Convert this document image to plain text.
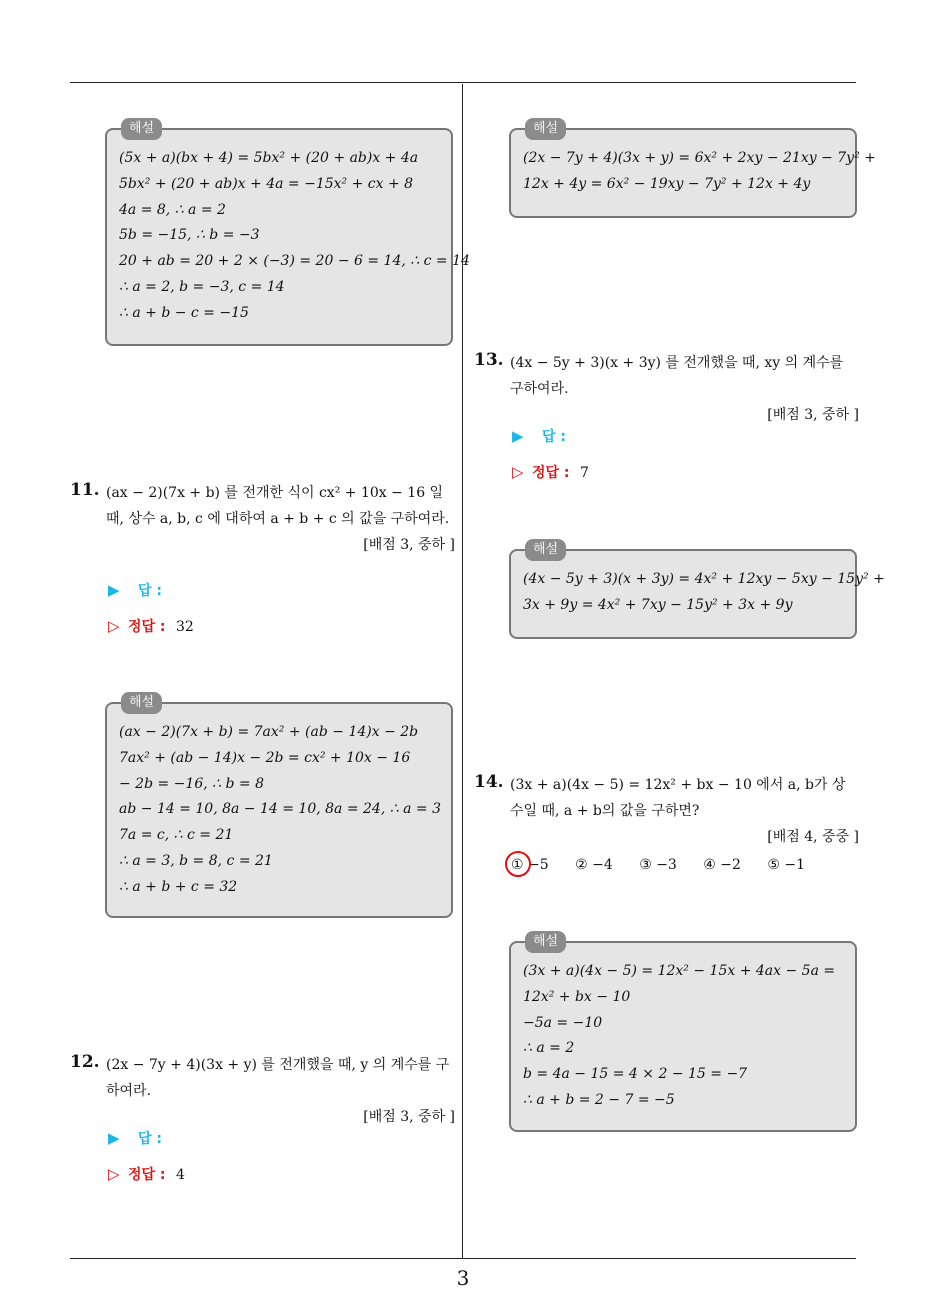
해설
(5x + a)(bx + 4) = 5bx² + (20 + ab)x + 4a
5bx² + (20 + ab)x + 4a = −15x² + cx + 8
4a = 8, ∴ a = 2
5b = −15, ∴ b = −3
20 + ab = 20 + 2 × (−3) = 20 − 6 = 14, ∴ c = 14
∴ a = 2, b = −3, c = 14
∴ a + b − c = −15
11. (ax − 2)(7x + b) 를 전개한 식이 cx² + 10x − 16 일 때, 상수 a, b, c 에 대하여 a + b + c 의 값을 구하여라.
[배점 3, 중하 ]
▶ 답 :
▷ 정답 : 32
해설
(ax − 2)(7x + b) = 7ax² + (ab − 14)x − 2b
7ax² + (ab − 14)x − 2b = cx² + 10x − 16
− 2b = −16, ∴ b = 8
ab − 14 = 10, 8a − 14 = 10, 8a = 24, ∴ a = 3
7a = c, ∴ c = 21
∴ a = 3, b = 8, c = 21
∴ a + b + c = 32
12. (2x − 7y + 4)(3x + y) 를 전개했을 때, y 의 계수를 구하여라.
[배점 3, 중하 ]
▶ 답 :
▷ 정답 : 4
해설
(2x − 7y + 4)(3x + y) = 6x² + 2xy − 21xy − 7y² +
12x + 4y = 6x² − 19xy − 7y² + 12x + 4y
13. (4x − 5y + 3)(x + 3y) 를 전개했을 때, xy 의 계수를 구하여라.
[배점 3, 중하 ]
▶ 답 :
▷ 정답 : 7
해설
(4x − 5y + 3)(x + 3y) = 4x² + 12xy − 5xy − 15y² +
3x + 9y = 4x² + 7xy − 15y² + 3x + 9y
14. (3x + a)(4x − 5) = 12x² + bx − 10 에서 a, b가 상수일 때, a + b의 값을 구하면?
[배점 4, 중중 ]
① −5 ② −4 ③ −3 ④ −2 ⑤ −1
해설
(3x + a)(4x − 5) = 12x² − 15x + 4ax − 5a =
12x² + bx − 10
−5a = −10
∴ a = 2
b = 4a − 15 = 4 × 2 − 15 = −7
∴ a + b = 2 − 7 = −5
3
